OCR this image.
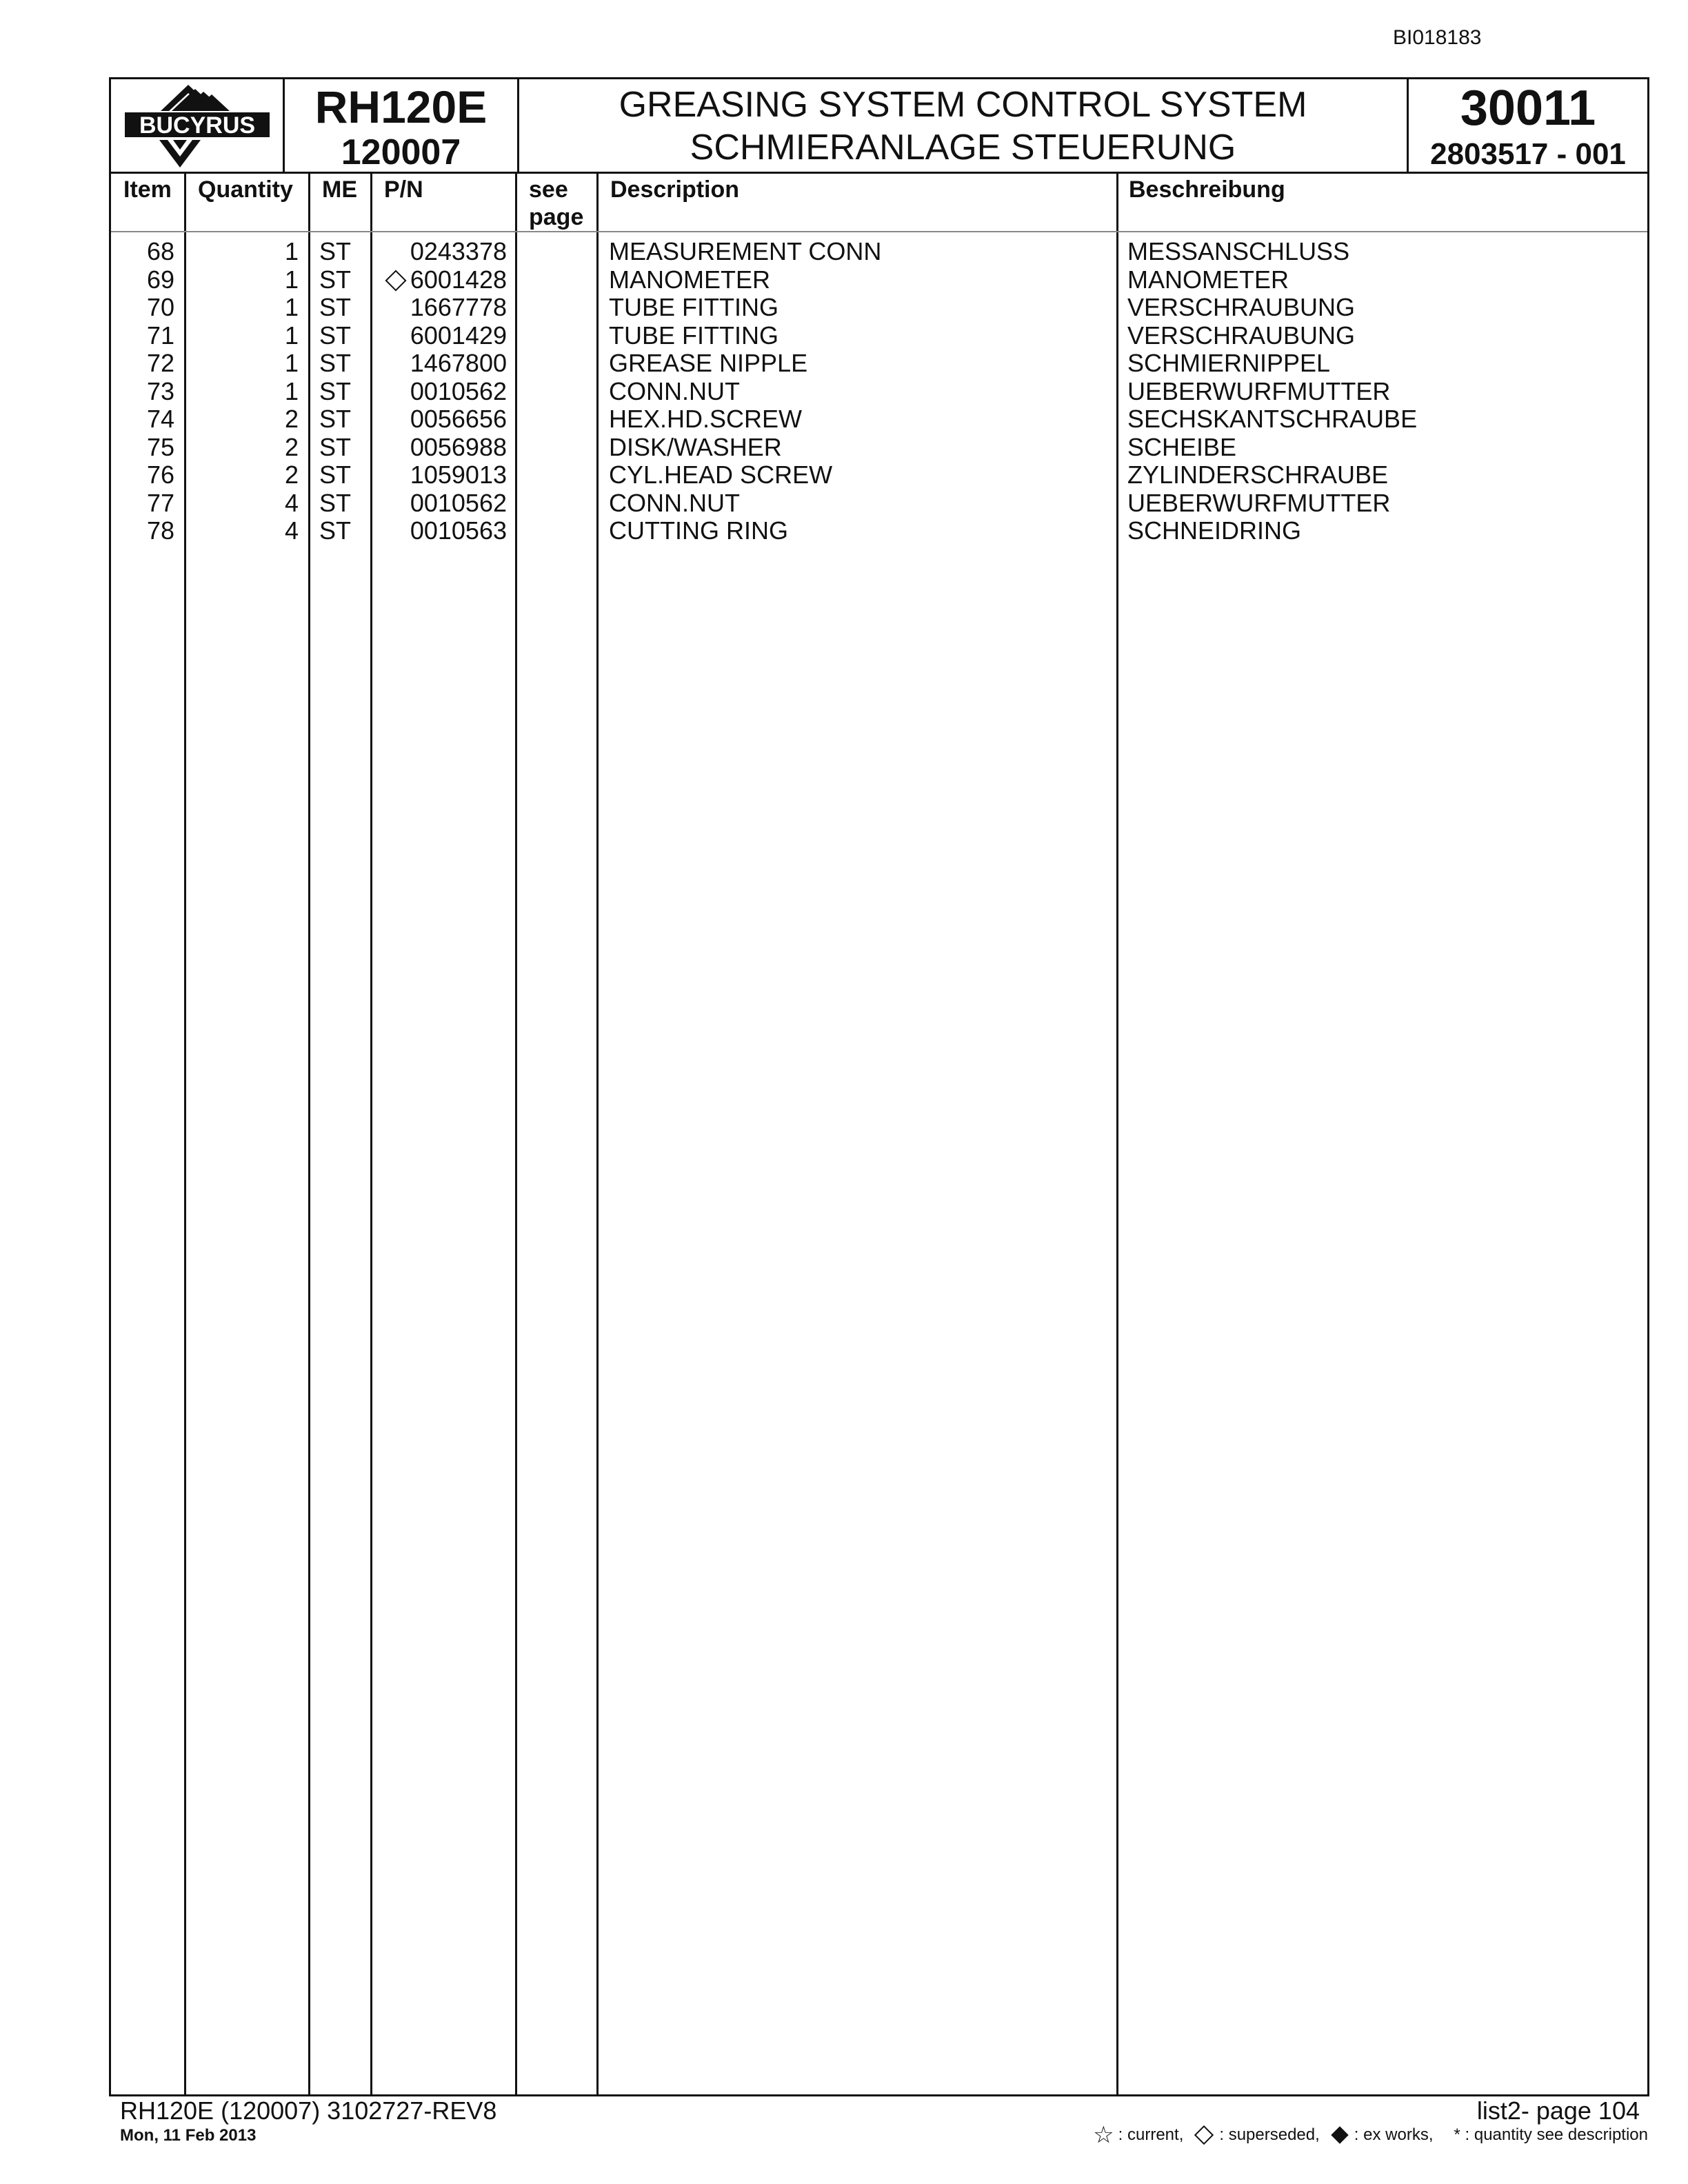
BI018183
BUCYRUS	RH120E
120007
GREASING SYSTEM CONTROL SYSTEM
SCHMIERANLAGE STEUERUNG
30011
2803517 - 001
Item Quantity ME P/N	see
page
Description	Beschreibung
68	1 ST 0243378	MEASUREMENT CONN	MESSANSCHLUSS
69	1 ST	6001428	MANOMETER	MANOMETER
70	1 ST 1667778	TUBE FITTING	VERSCHRAUBUNG
71	1 ST 6001429	TUBE FITTING	VERSCHRAUBUNG
72	1 ST 1467800	GREASE NIPPLE	SCHMIERNIPPEL
73	1 ST 0010562	CONN.NUT	UEBERWURFMUTTER
74	2 ST 0056656	HEX.HD.SCREW	SECHSKANTSCHRAUBE
75	2 ST 0056988	DISK/WASHER	SCHEIBE
76	2 ST 1059013	CYL.HEAD SCREW	ZYLINDERSCHRAUBE
77	4 ST 0010562	CONN.NUT	UEBERWURFMUTTER
78	4 ST 0010563	CUTTING RING	SCHNEIDRING
RH120E (120007) 3102727-REV8
Mon, 11 Feb 2013
list2- page 104
☆ : current, : superseded, : ex works, * : quantity see description
